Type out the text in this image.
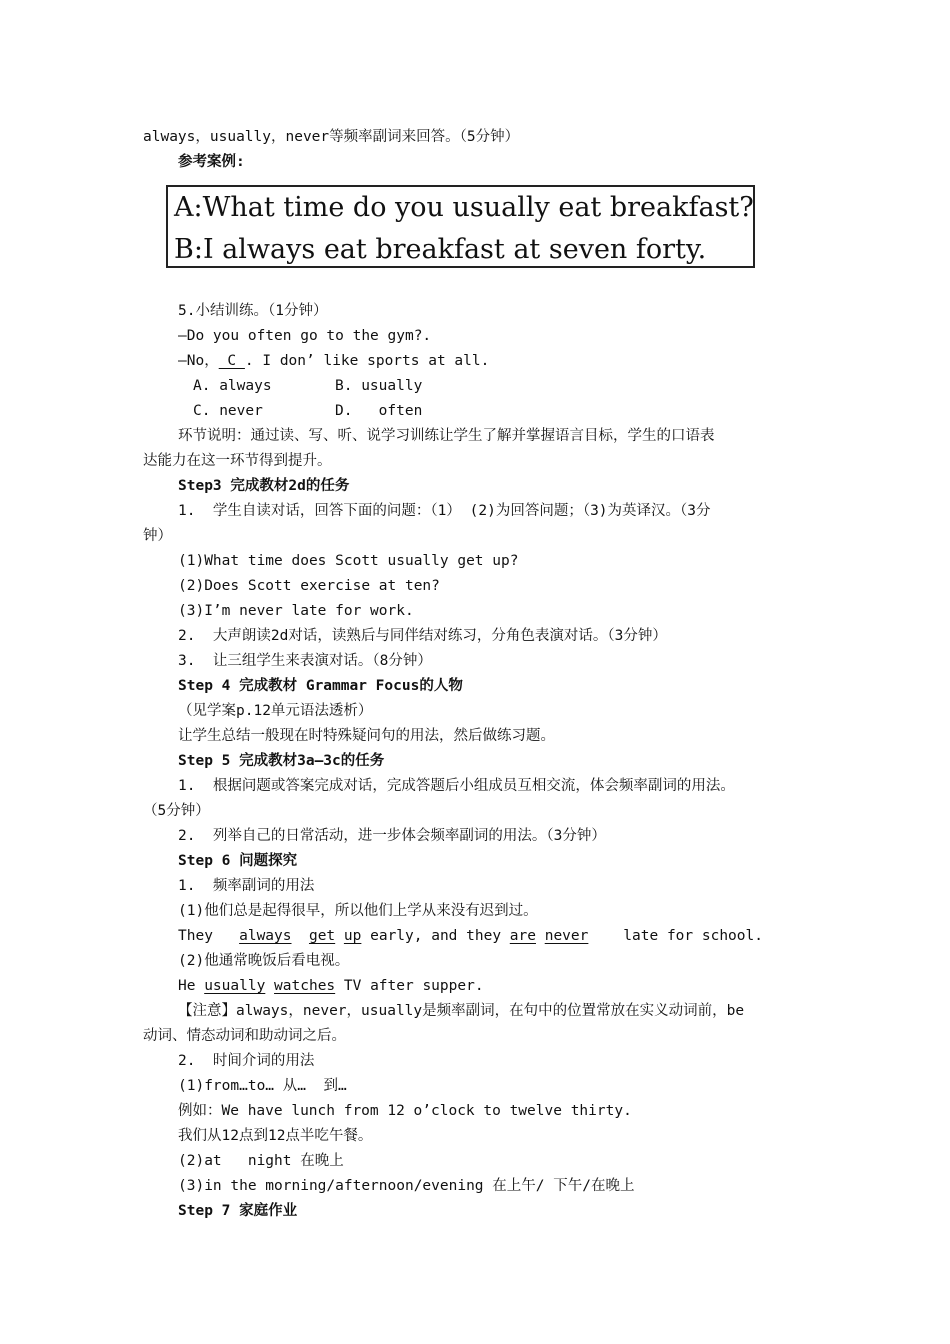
always，usually，never等频率副词来回答。（5分钟）
参考案例:
A:What time do you usually eat breakfast?
B:I always eat breakfast at seven forty.
5.小结训练。（1分钟）
—Do you often go to the gym?.
—No， C . I don’ like sports at all.
A. always	B. usually
C. never	D.   often
环节说明：通过读、写、听、说学习训练让学生了解并掌握语言目标，学生的口语表
达能力在这一环节得到提升。
Step3 完成教材2d的任务
1.  学生自读对话，回答下面的问题：（1） (2)为回答问题；（3)为英译汉。（3分
钟）
(1)What time does Scott usually get up?
(2)Does Scott exercise at ten?
(3)I’m never late for work.
2.  大声朗读2d对话，读熟后与同伴结对练习，分角色表演对话。（3分钟）
3.  让三组学生来表演对话。（8分钟）
Step 4 完成教材 Grammar Focus的人物
（见学案p.12单元语法透析）
让学生总结一般现在时特殊疑问句的用法，然后做练习题。
Step 5 完成教材3a—3c的任务
1.  根据问题或答案完成对话，完成答题后小组成员互相交流，体会频率副词的用法。
（5分钟）
2.  列举自己的日常活动，进一步体会频率副词的用法。（3分钟）
Step 6 问题探究
1.  频率副词的用法
(1)他们总是起得很早，所以他们上学从来没有迟到过。
They   always get up early, and they are never    late for school.
(2)他通常晚饭后看电视。
He usually watches TV after supper.
【注意】always，never，usually是频率副词，在句中的位置常放在实义动词前，be
动词、情态动词和助动词之后。
2.  时间介词的用法
(1)from…to… 从…  到…
例如：We have lunch from 12 o’clock to twelve thirty.
我们从12点到12点半吃午餐。
(2)at   night 在晚上
(3)in the morning/afternoon/evening 在上午/ 下午/在晚上
Step 7 家庭作业
